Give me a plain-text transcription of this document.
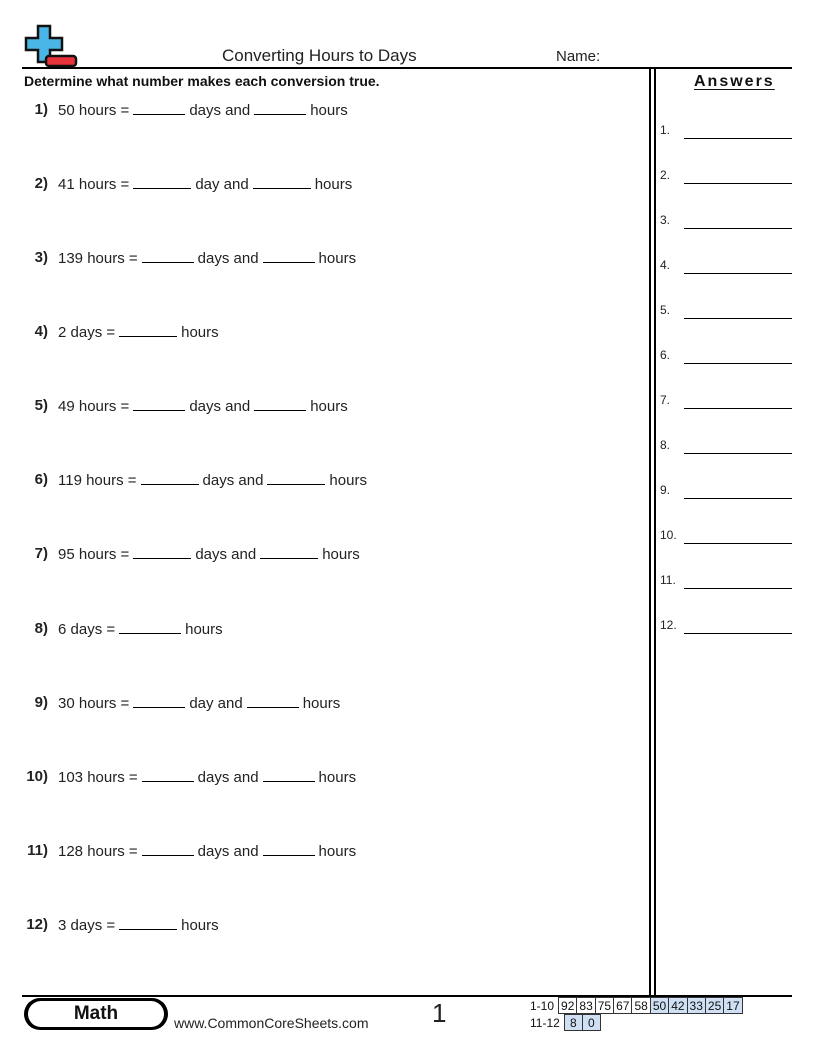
Converting Hours to Days	Name:
Determine what number makes each conversion true.	Answers
1) 50 hours =	days and	hours
2) 41 hours =	day and	hours
3) 139 hours =	days and	hours
4) 2 days =	hours
5) 49 hours =	days and	hours
6) 119 hours =	days and	hours
7) 95 hours =	days and	hours
8) 6 days =	hours
9) 30 hours =	day and	hours
10) 103 hours =	days and	hours
11) 128 hours =	days and	hours
12) 3 days =	hours
1.
2.
3.
4.
5.
6.
7.
8.
9.
10.
11.
12.
Math	www.CommonCoreSheets.com 1	1-10	92	83	75	67	58	50	42	33	25	17
11-12	8	0
